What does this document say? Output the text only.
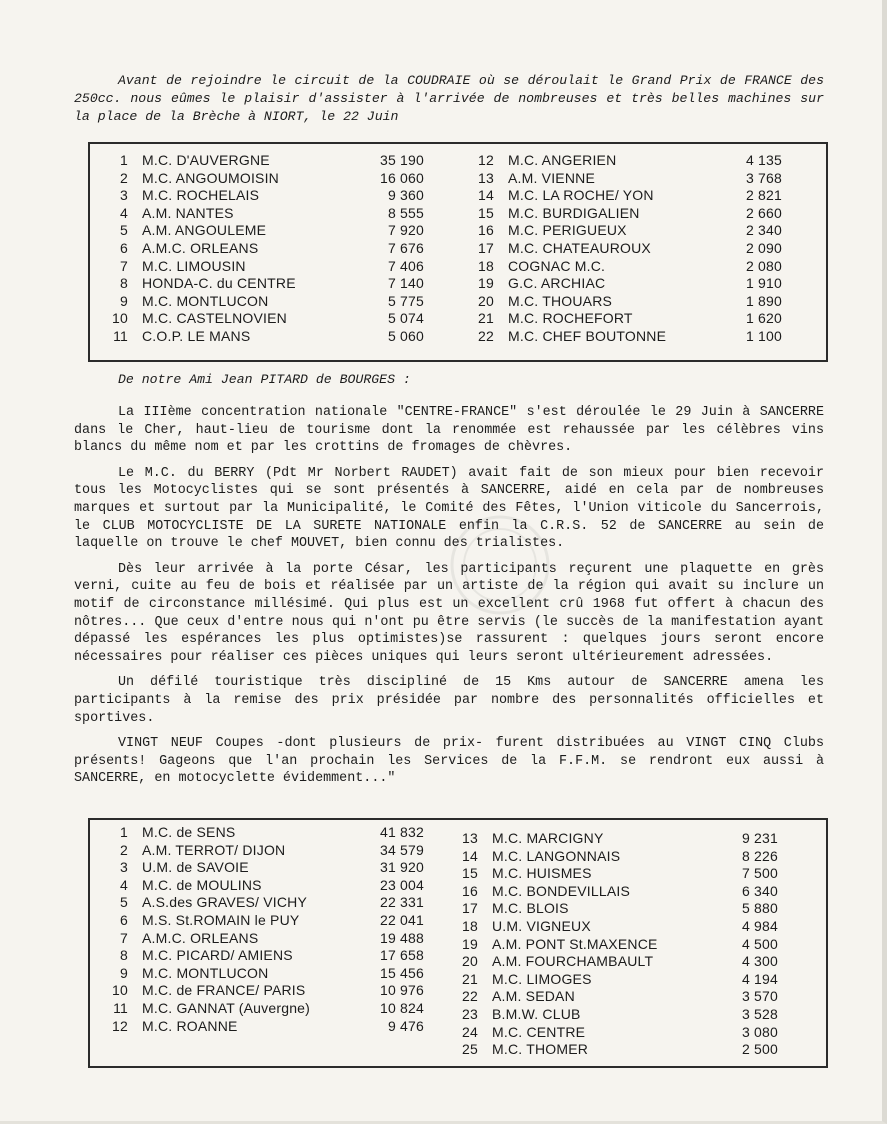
Avant de rejoindre le circuit de la COUDRAIE où se déroulait le Grand Prix de FRANCE des 250cc. nous eûmes le plaisir d'assister à l'arrivée de nombreuses et très belles machines sur la place de la Brèche à NIORT, le 22 Juin

1 M.C. D'AUVERGNE	35 190
2 M.C. ANGOUMOISIN	16 060
3 M.C. ROCHELAIS	9 360
4 A.M. NANTES	8 555
5 A.M. ANGOULEME	7 920
6 A.M.C. ORLEANS	7 676
7 M.C. LIMOUSIN	7 406
8 HONDA-C. du CENTRE	7 140
9 M.C. MONTLUCON	5 775
10 M.C. CASTELNOVIEN	5 074
11 C.O.P. LE MANS	5 060
12 M.C. ANGERIEN	4 135
13 A.M. VIENNE	3 768
14 M.C. LA ROCHE/ YON	2 821
15 M.C. BURDIGALIEN	2 660
16 M.C. PERIGUEUX	2 340
17 M.C. CHATEAUROUX	2 090
18 COGNAC M.C.	2 080
19 G.C. ARCHIAC	1 910
20 M.C. THOUARS	1 890
21 M.C. ROCHEFORT	1 620
22 M.C. CHEF BOUTONNE	1 100
De notre Ami Jean PITARD de BOURGES :

La IIIème concentration nationale "CENTRE-FRANCE" s'est déroulée le 29 Juin à SANCERRE dans le Cher, haut-lieu de tourisme dont la renommée est rehaussée par les célèbres vins blancs du même nom et par les crottins de fromages de chèvres.

Le M.C. du BERRY (Pdt Mr Norbert RAUDET) avait fait de son mieux pour bien recevoir tous les Motocyclistes qui se sont présentés à SANCERRE, aidé en cela par de nombreuses marques et surtout par la Municipalité, le Comité des Fêtes, l'Union viticole du Sancerrois, le CLUB MOTOCYCLISTE DE LA SURETE NATIONALE enfin la C.R.S. 52 de SANCERRE au sein de laquelle on trouve le chef MOUVET, bien connu des trialistes.

Dès leur arrivée à la porte César, les participants reçurent une plaquette en grès verni, cuite au feu de bois et réalisée par un artiste de la région qui avait su inclure un motif de circonstance millésimé. Qui plus est un excellent crû 1968 fut offert à chacun des nôtres... Que ceux d'entre nous qui n'ont pu être servis (le succès de la manifestation ayant dépassé les espérances les plus optimistes)se rassurent : quelques jours seront encore nécessaires pour réaliser ces pièces uniques qui leurs seront ultérieurement adressées.

Un défilé touristique très discipliné de 15 Kms autour de SANCERRE amena les participants à la remise des prix présidée par nombre des personnalités officielles et sportives.

VINGT NEUF Coupes -dont plusieurs de prix- furent distribuées au VINGT CINQ Clubs présents! Gageons que l'an prochain les Services de la F.F.M. se rendront eux aussi à SANCERRE, en motocyclette évidemment..."

1 M.C. de SENS	41 832
2 A.M. TERROT/ DIJON	34 579
3 U.M. de SAVOIE	31 920
4 M.C. de MOULINS	23 004
5 A.S.des GRAVES/ VICHY	22 331
6 M.S. St.ROMAIN le PUY	22 041
7 A.M.C. ORLEANS	19 488
8 M.C. PICARD/ AMIENS	17 658
9 M.C. MONTLUCON	15 456
10 M.C. de FRANCE/ PARIS	10 976
11 M.C. GANNAT (Auvergne)	10 824
12 M.C. ROANNE	9 476
13 M.C. MARCIGNY	9 231
14 M.C. LANGONNAIS	8 226
15 M.C. HUISMES	7 500
16 M.C. BONDEVILLAIS	6 340
17 M.C. BLOIS	5 880
18 U.M. VIGNEUX	4 984
19 A.M. PONT St.MAXENCE	4 500
20 A.M. FOURCHAMBAULT	4 300
21 M.C. LIMOGES	4 194
22 A.M. SEDAN	3 570
23 B.M.W. CLUB	3 528
24 M.C. CENTRE	3 080
25 M.C. THOMER	2 500
